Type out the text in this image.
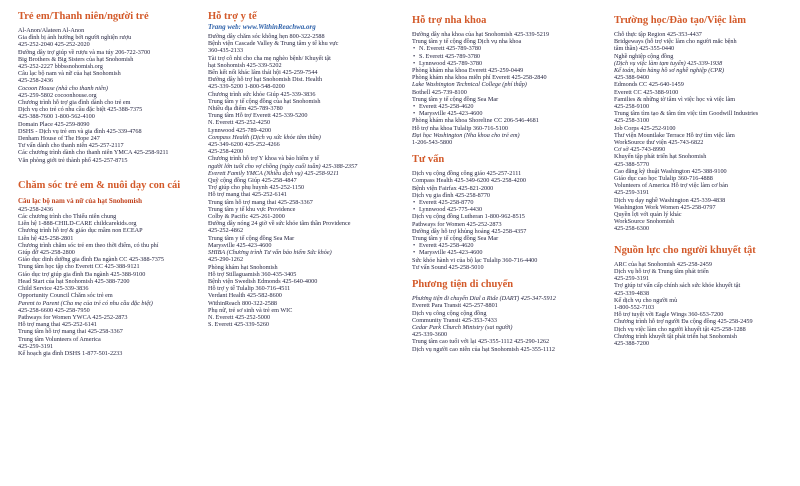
Trẻ em/Thanh niên/người trẻ
Al-Anon/Alateen Al-Anon
Gia đình bị ảnh hưởng bởi người nghiện rượu
425-252-2040 425-252-2020
Đường dây trợ giúp về rượu và ma túy 206-722-3700
Big Brothers & Big Sisters của hạt Snohomish
425-252-2227 bbbssnohomish.org
Câu lạc bộ nam và nữ của hạt Snohomish
425-258-2436
Cocoon House (nhà cho thanh niên)
425-259-5802 cocoonhouse.org
Chương trình hỗ trợ gia đình dành cho trẻ em
Dịch vụ cho trẻ có nhu cầu đặc biệt 425-388-7375
425-388-7600 1-800-562-4100
Domain Place 425-259-8090
DSHS - Dịch vụ trẻ em và gia đình 425-339-4768
Denham House of The Hope 247
Tư vấn dành cho thanh niên 425-257-2117
Các chương trình dành cho thanh niên YMCA 425-258-9211
Văn phòng giới trẻ thành phố 425-257-8715
Chăm sóc trẻ em & nuôi dạy con cái
Câu lạc bộ nam và nữ của hạt Snohomish
425-258-2436
Các chương trình cho Thiếu niên chung
Liên hệ 1-888-CHILD-CARE childcarekids.org
Chương trình hỗ trợ & giáo dục mầm non ECEAP
Liên hệ 425-258-2801
Chương trình chăm sóc trẻ em theo thời điểm, có thu phí
Giúp đỡ 425-258-2800
Giáo dục dinh dưỡng gia đình Đa ngành CC 425-388-7375
Trung tâm học tập cho Everett CC 425-388-9121
Giáo dục trợ giúp gia đình Đa ngành 425-388-9100
Head Start của hạt Snohomish 425-388-7200
Child Service 425-339-3836
Opportunity Council Chăm sóc trẻ em
Parent to Parent (Cha mẹ của trẻ có nhu cầu đặc biệt)
425-258-6600 425-258-7950
Pathways for Women YWCA 425-252-2873
Hỗ trợ mang thai 425-252-6141
Trung tâm hỗ trợ mang thai 425-258-3367
Trung tâm Volunteers of America
425-259-3191
Kế hoạch gia đình DSHS 1-877-501-2233
Hỗ trợ y tế
Trang web: www.WithinReachwa.org
Đường dây chăm sóc không hẹn 800-322-2588
Bệnh viện Cascade Valley & Trung tâm y tế khu vực
360-435-2133
Tài trợ cô nhi cho cha mẹ nghèo bệnh/ Khuyết tật
hạt Snohomish 425-339-5202
Bến kết nối khác lâm thái hội 425-259-7544
Đường dây hỗ trợ hạt Snohomish Dist. Health
425-339-5200 1-800-548-0200
Chương trình sức khỏe Giúp 425-339-3836
Trung tâm y tế cộng đồng của hạt Snohomish
Nhiều địa điểm 425-789-3780
Trung tâm Hỗ trợ Everett 425-339-5200
N. Everett 425-252-4250
Lynnwood 425-789-4200
Compass Health (Dịch vụ sức khỏe tâm thần)
425-349-6200 425-252-4266
425-258-4200
Chương trình hỗ trợ Y khoa và bảo hiểm y tế
người lớn tuổi cho vợ chồng (ngày cuối tuần) 425-388-2357
Everett Family YMCA (Nhiều dịch vụ) 425-258-9211
Quỹ cộng đồng Giúp 425-258-4847
Trợ giúp cho phụ huynh 425-252-1150
Hỗ trợ mang thai 425-252-6141
Trung tâm hỗ trợ mang thai 425-258-3367
Trung tâm y tế khu vực Providence
Colby & Pacific 425-261-2000
Đường dây nóng 24 giờ về sức khỏe tâm thần Providence
425-252-4862
Trung tâm y tế cộng đồng Sea Mar
Marysville 425-423-4600
SHIBA (Chương trình Tư vấn bảo hiểm Sức khỏe)
425-290-1262
Phòng khám hạt Snohomish
Hỗ trợ Stillaguamish 360-435-3405
Bệnh viện Swedish Edmonds 425-640-4000
Hỗ trợ y tế Tulalip 360-716-4511
Verdant Health 425-582-8600
WithinReach 800-322-2588
Phụ nữ, trẻ sơ sinh và trẻ em WIC
N. Everett 425-252-5000
S. Everett 425-339-5260
Hỗ trợ nha khoa
Đường dây nha khoa của hạt Snohomish 425-339-5219
Trung tâm y tế cộng đồng Dịch vụ nha khoa
• N. Everett 425-789-3780
• S. Everett 425-789-3780
• Lynnwood 425-789-3780
Phòng khám nha khoa Everett 425-259-0449
Phòng khám nha khoa miễn phí Everett 425-258-2840
Lake Washington Technical College (phí thấp)
Bothell 425-739-8100
Trung tâm y tế cộng đồng Sea Mar
• Everett 425-258-4620
• Marysville 425-423-4600
Phòng khám nha khoa Shoreline CC 206-546-4681
Hỗ trợ nha khoa Tulalip 360-716-5100
Đại học Washington (Nha khoa cho trẻ em)
1-206-543-5800
Tư vấn
Dịch vụ cộng đồng công giáo 425-257-2111
Compass Health 425-349-6200 425-258-4200
Bệnh viện Fairfax 425-821-2000
Dịch vụ gia đình 425-258-8770
• Everett 425-258-8770
• Lynnwood 425-775-4430
Dịch vụ cộng đồng Lutheran 1-800-962-8515
Pathways for Women 425-252-2873
Đường dây hỗ trợ khủng hoảng 425-258-4357
Trung tâm y tế cộng đồng Sea Mar
• Everett 425-258-4620
• Marysville 425-423-4600
Sức khỏe hành vi của bộ lạc Tulalip 360-716-4400
Tư vấn Sound 425-258-5010
Phương tiện di chuyển
Phương tiện đi chuyển Dial a Ride (DART) 425-347-5912
Everett Para Transit 425-257-8801
Dịch vụ công cộng cộng đồng
Community Transit 425-353-7433
Cedar Park Church Ministry (sai người)
425-339-3600
Trung tâm cao tuổi với lại 425-355-1112 425-290-1262
Dịch vụ người cao niên của hạt Snohomish 425-355-1112
Trường học/Đào tạo/Việc làm
Chỗ thực tập Region 425-353-4437
Bridgeways (hỗ trợ việc làm cho người mắc bệnh
tâm thần) 425-355-0440
Nghề nghiệp cộng đồng
(Dịch vụ việc làm tạm tuyển) 425-339-1938
Kế toán, bán hàng hồ sơ nghề nghiệp (CPR)
425-388-9400
Edmonds CC 425-640-1459
Everett CC 425-388-9100
Families & những tờ tâm vì việc học và việc làm
425-258-9100
Trung tâm tìm tạo & tâm tìm việc tìm Goodwill Industries
425-258-3100
Job Corps 425-252-9100
Thư viện Mountlake Terrace Hỗ trợ tìm việc làm
WorkSource thư viện 425-743-6822
Cơ sở 425-743-8990
Khuyến tập phát triển hạt Snohomish
425-388-5770
Cao đẳng kỹ thuật Washington 425-388-9100
Giáo dục cao học Tulalip 360-716-4888
Volunteers of America Hỗ trợ việc làm cơ bản
425-259-3191
Dịch vụ dạy nghề Washington 425-339-4838
Washington Work Women 425-258-0797
Quyền lợi với quản lý khác
WorkSource Snohomish
425-258-6300
Nguồn lực cho người khuyết tật
ARC của hạt Snohomish 425-258-2459
Dịch vụ hỗ trợ & Trung tâm phát triển
425-259-3191
Trợ giúp tư vấn cấp chính sách sức khỏe khuyết tật
425-339-4838
Kế dịch vụ cho người mù
1-800-552-7103
Hỗ trợ tuyệt vời Eagle Wings 360-653-7200
Chương trình hỗ trợ người Đa cộng đồng 425-258-2459
Dịch vụ việc làm cho người khuyết tật 425-258-1288
Chương trình khuyết tật phát triển hạt Snohomish
425-388-7200
